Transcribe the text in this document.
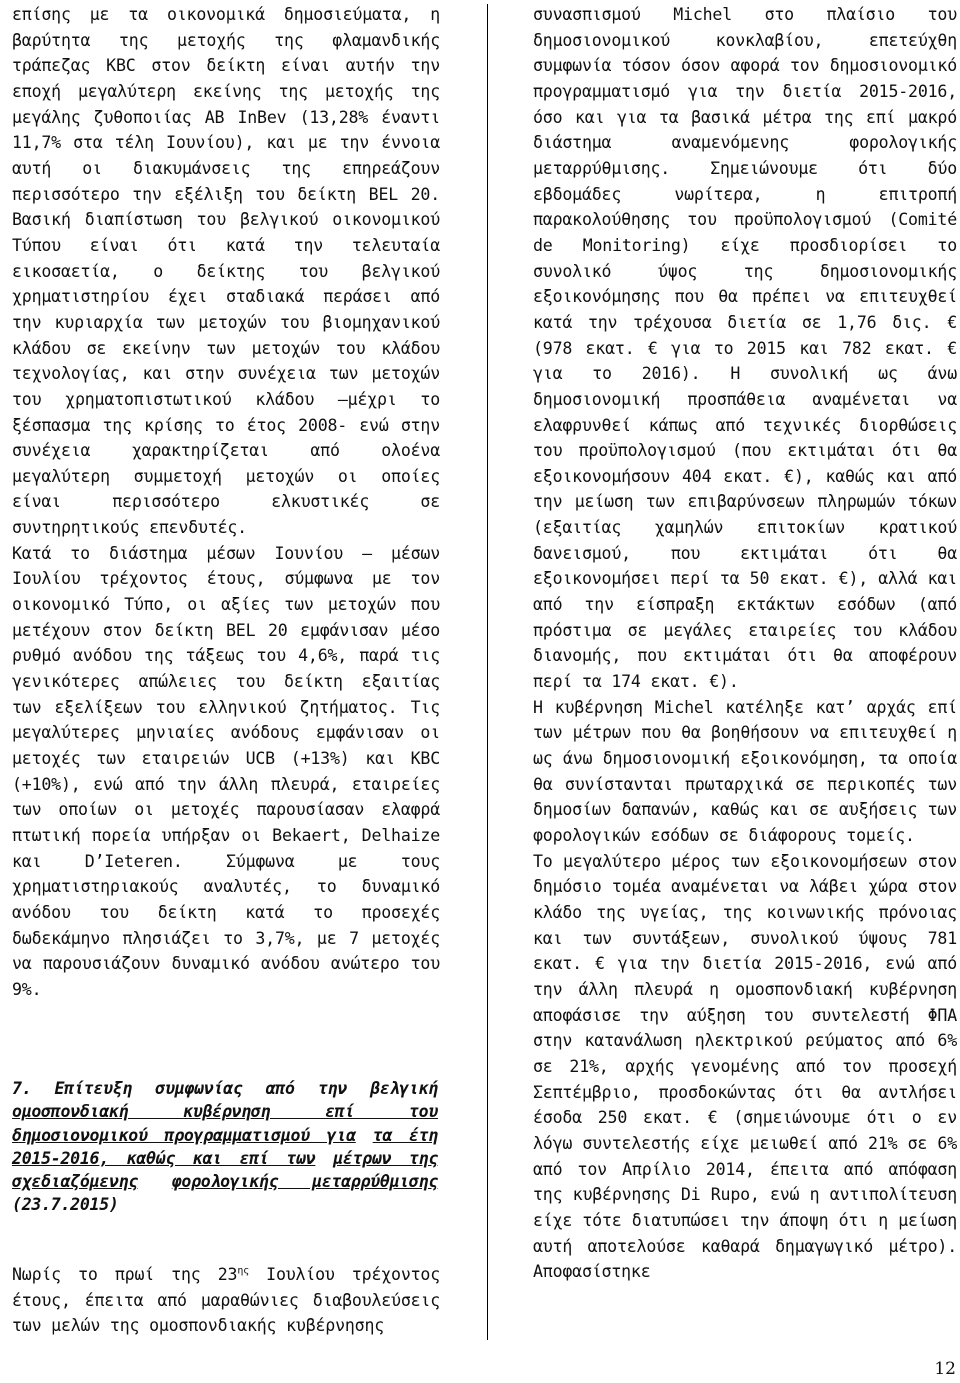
επίσης με τα οικονομικά δημοσιεύματα, η βαρύτητα της μετοχής της φλαμανδικής τράπεζας KBC στον δείκτη είναι αυτήν την εποχή μεγαλύτερη εκείνης της μετοχής της μεγάλης ζυθοποιίας AB InBev (13,28% έναντι 11,7% στα τέλη Ιουνίου), και με την έννοια αυτή οι διακυμάνσεις της επηρεάζουν περισσότερο την εξέλιξη του δείκτη BEL 20. Βασική διαπίστωση του βελγικού οικονομικού Τύπου είναι ότι κατά την τελευταία εικοσαετία, ο δείκτης του βελγικού χρηματιστηρίου έχει σταδιακά περάσει από την κυριαρχία των μετοχών του βιομηχανικού κλάδου σε εκείνην των μετοχών του κλάδου τεχνολογίας, και στην συνέχεια των μετοχών του χρηματοπιστωτικού κλάδου –μέχρι το ξέσπασμα της κρίσης το έτος 2008- ενώ στην συνέχεια χαρακτηρίζεται από ολοένα μεγαλύτερη συμμετοχή μετοχών οι οποίες είναι περισσότερο ελκυστικές σε συντηρητικούς επενδυτές.

Κατά το διάστημα μέσων Ιουνίου – μέσων Ιουλίου τρέχοντος έτους, σύμφωνα με τον οικονομικό Τύπο, οι αξίες των μετοχών που μετέχουν στον δείκτη BEL 20 εμφάνισαν μέσο ρυθμό ανόδου της τάξεως του 4,6%, παρά τις γενικότερες απώλειες του δείκτη εξαιτίας των εξελίξεων του ελληνικού ζητήματος. Τις μεγαλύτερες μηνιαίες ανόδους εμφάνισαν οι μετοχές των εταιρειών UCB (+13%) και KBC (+10%), ενώ από την άλλη πλευρά, εταιρείες των οποίων οι μετοχές παρουσίασαν ελαφρά πτωτική πορεία υπήρξαν οι Bekaert, Delhaize και D’Ieteren. Σύμφωνα με τους χρηματιστηριακούς αναλυτές, το δυναμικό ανόδου του δείκτη κατά το προσεχές δωδεκάμηνο πλησιάζει το 3,7%, με 7 μετοχές να παρουσιάζουν δυναμικό ανόδου ανώτερο του 9%.

7. Επίτευξη συμφωνίας από την βελγική ομοσπονδιακή κυβέρνηση επί του δημοσιονομικού προγραμματισμού για τα έτη 2015-2016, καθώς και επί των μέτρων της σχεδιαζόμενης φορολογικής μεταρρύθμισης
(23.7.2015)

Νωρίς το πρωί της $23^{\eta\varsigma}$ Ιουλίου τρέχοντος έτους, έπειτα από μαραθώνιες διαβουλεύσεις των μελών της ομοσπονδιακής κυβέρνησης

συνασπισμού Michel στο πλαίσιο του δημοσιονομικού κονκλαβίου, επετεύχθη συμφωνία τόσον όσον αφορά τον δημοσιονομικό προγραμματισμό για την διετία 2015-2016, όσο και για τα βασικά μέτρα της επί μακρό διάστημα αναμενόμενης φορολογικής μεταρρύθμισης. Σημειώνουμε ότι δύο εβδομάδες νωρίτερα, η επιτροπή παρακολούθησης του προϋπολογισμού (Comité de Monitoring) είχε προσδιορίσει το συνολικό ύψος της δημοσιονομικής εξοικονόμησης που θα πρέπει να επιτευχθεί κατά την τρέχουσα διετία σε 1,76 δις. € (978 εκατ. € για το 2015 και 782 εκατ. € για το 2016). Η συνολική ως άνω δημοσιονομική προσπάθεια αναμένεται να ελαφρυνθεί κάπως από τεχνικές διορθώσεις του προϋπολογισμού (που εκτιμάται ότι θα εξοικονομήσουν 404 εκατ. €), καθώς και από την μείωση των επιβαρύνσεων πληρωμών τόκων (εξαιτίας χαμηλών επιτοκίων κρατικού δανεισμού, που εκτιμάται ότι θα εξοικονομήσει περί τα 50 εκατ. €), αλλά και από την είσπραξη εκτάκτων εσόδων (από πρόστιμα σε μεγάλες εταιρείες του κλάδου διανομής, που εκτιμάται ότι θα αποφέρουν περί τα 174 εκατ. €).

Η κυβέρνηση Michel κατέληξε κατ’ αρχάς επί των μέτρων που θα βοηθήσουν να επιτευχθεί η ως άνω δημοσιονομική εξοικονόμηση, τα οποία θα συνίστανται πρωταρχικά σε περικοπές των δημοσίων δαπανών, καθώς και σε αυξήσεις των φορολογικών εσόδων σε διάφορους τομείς.

Το μεγαλύτερο μέρος των εξοικονομήσεων στον δημόσιο τομέα αναμένεται να λάβει χώρα στον κλάδο της υγείας, της κοινωνικής πρόνοιας και των συντάξεων, συνολικού ύψους 781 εκατ. € για την διετία 2015-2016, ενώ από την άλλη πλευρά η ομοσπονδιακή κυβέρνηση αποφάσισε την αύξηση του συντελεστή ΦΠΑ στην κατανάλωση ηλεκτρικού ρεύματος από 6% σε 21%, αρχής γενομένης από τον προσεχή Σεπτέμβριο, προσδοκώντας ότι θα αντλήσει έσοδα 250 εκατ. € (σημειώνουμε ότι ο εν λόγω συντελεστής είχε μειωθεί από 21% σε 6% από τον Απρίλιο 2014, έπειτα από απόφαση της κυβέρνησης Di Rupo, ενώ η αντιπολίτευση είχε τότε διατυπώσει την άποψη ότι η μείωση αυτή αποτελούσε καθαρά δημαγωγικό μέτρο). Αποφασίστηκε

12
